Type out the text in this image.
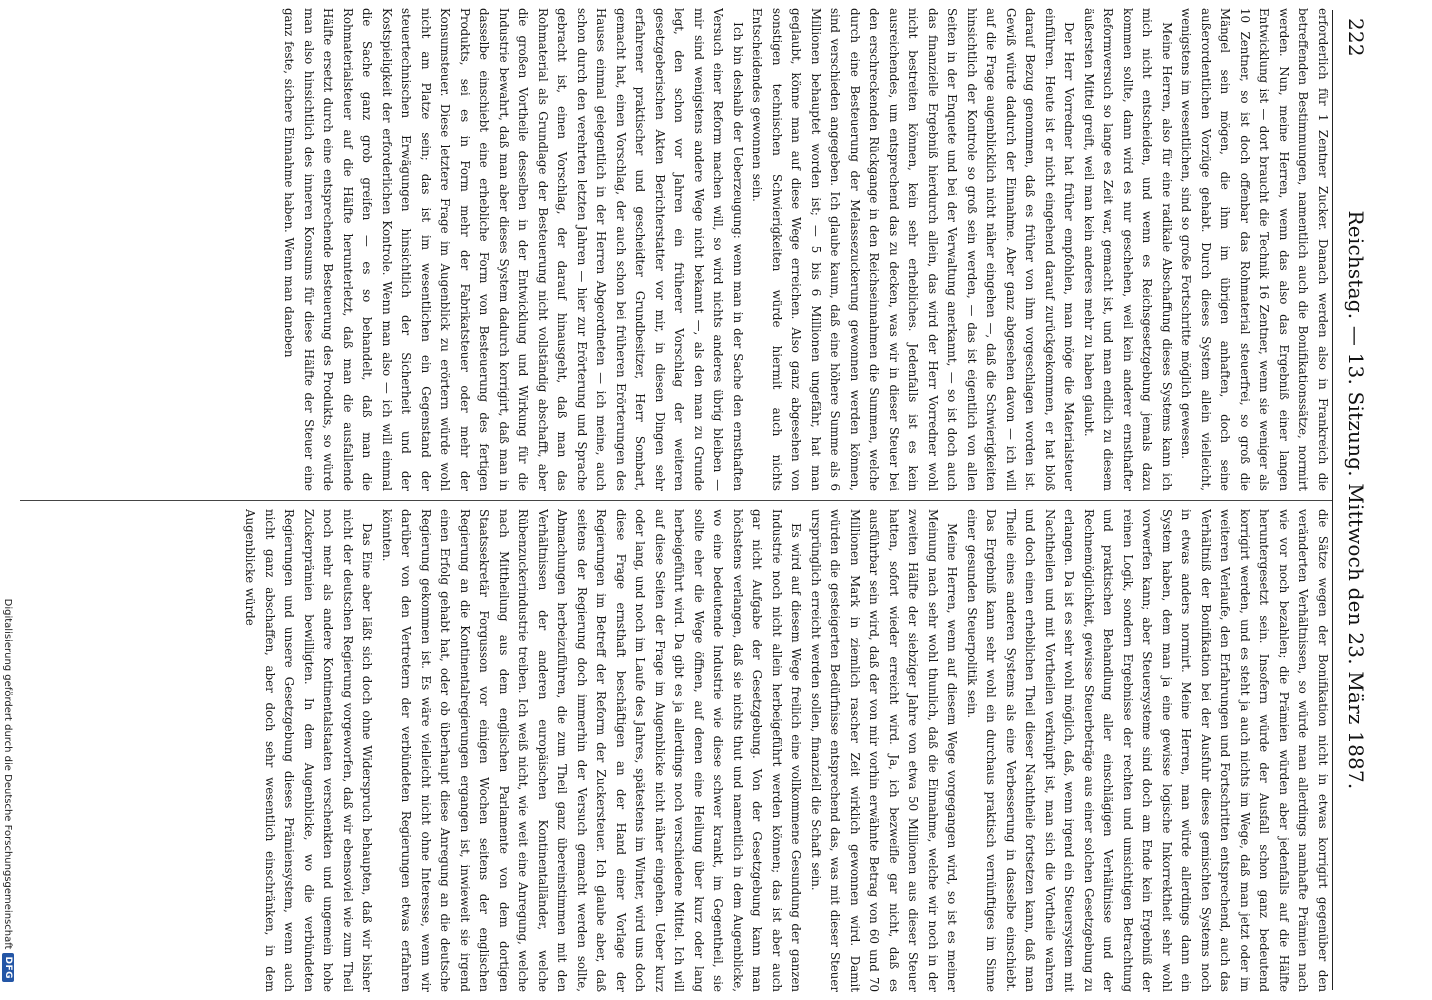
222
Reichstag. — 13. Sitzung. Mittwoch den 23. März 1887.

erforderlich für 1 Zentner Zucker. Danach werden also in Frankreich die betreffenden Bestimmungen, namentlich auch die Bonifikationssätze, normirt werden. Nun, meine Herren, wenn das also das Ergebniß einer langen Entwicklung ist — dort braucht die Technik 16 Zentner, wenn sie weniger als 10 Zentner, so ist doch offenbar das Rohmaterial steuerfrei, so groß die Mängel sein mögen, die ihm im übrigen anhaften, doch seine außerordentlichen Vorzüge gehabt. Durch dieses System allein vielleicht, wenigstens im wesentlichen, sind so große Fortschritte möglich gewesen.

Meine Herren, also für eine radikale Abschaffung dieses Systems kann ich mich nicht entscheiden, und wenn es Reichsgesetzgebung jemals dazu kommen sollte, dann wird es nur geschehen, weil kein anderer ernsthafter Reformversuch so lange es Zeit war, gemacht ist, und man endlich zu diesem äußersten Mittel greift, weil man kein anderes mehr zu haben glaubt.

Der Herr Vorredner hat früher empfohlen, man möge die Materialsteuer einführen. Heute ist er nicht eingehend darauf zurückgekommen, er hat bloß darauf Bezug genommen, daß es früher von ihm vorgeschlagen worden ist. Gewiß würde dadurch der Einnahme. Aber ganz abgesehen davon — ich will auf die Frage augenblicklich nicht näher eingehen —, daß die Schwierigkeiten hinsichtlich der Kontrole so groß sein werden, — das ist eigentlich von allen Seiten in der Enquete und bei der Verwaltung anerkannt, — so ist doch auch das finanzielle Ergebniß hierdurch allein, das wird der Herr Vorredner wohl nicht bestreiten können, kein sehr erhebliches. Jedenfalls ist es kein ausreichendes, um entsprechend das zu decken, was wir in dieser Steuer bei den erschreckenden Rückgange in den Reichseinnahmen die Summen, welche durch eine Besteuerung der Melassezuckerung gewonnen werden können, sind verschieden angegeben. Ich glaube kaum, daß eine höhere Summe als 6 Millionen behauptet worden ist; — 5 bis 6 Millionen ungefähr, hat man geglaubt, könne man auf diese Wege erreichen. Also ganz abgesehen von sonstigen technischen Schwierigkeiten würde hiermit auch nichts Entscheidendes gewonnen sein.

Ich bin deshalb der Ueberzeugung: wenn man in der Sache den ernsthaften Versuch einer Reform machen will, so wird nichts anderes übrig bleiben — mir sind wenigstens andere Wege nicht bekannt —, als den man zu Grunde legt, den schon vor Jahren ein früherer Vorschlag der weiteren gesetzgeberischen Akten Berichterstatter vor mir, in diesen Dingen sehr erfahrener praktischer und gescheidter Grundbesitzer, Herr Sombart, gemacht hat, einen Vorschlag, der auch schon bei früheren Erörterungen des Hauses einmal gelegentlich in der Herren Abgeordneten — ich meine, auch schon durch den verehrten letzten Jahren — hier zur Erörterung und Sprache gebracht ist, einen Vorschlag, der darauf hinausgeht, daß man das Rohmaterial als Grundlage der Besteuerung nicht vollständig abschafft, aber die großen Vortheile desselben in der Entwicklung und Wirkung für die Industrie bewahrt, daß man aber dieses System dadurch korrigirt, daß man in dasselbe einschiebt eine erhebliche Form von Besteuerung des fertigen Produkts, sei es in Form mehr der Fabrikatsteuer oder mehr der Konsumsteuer. Diese letztere Frage im Augenblick zu erörtern würde wohl nicht am Platze sein; das ist im wesentlichen ein Gegenstand der steuertechnischen Erwägungen hinsichtlich der Sicherheit und der Kostspieligkeit der erforderlichen Kontrole. Wenn man also — ich will einmal die Sache ganz grob greifen — es so behandelt, daß man die Rohmaterialsteuer auf die Hälfte herunterletzt, daß man die ausfallende Hälfte ersetzt durch eine entsprechende Besteuerung des Produkts, so würde man also hinsichtlich des inneren Konsums für diese Hälfte der Steuer eine ganz feste, sichere Einnahme haben. Wenn man daneben

die Sätze wegen der Bonifikation nicht in etwas korrigirt gegenüber den veränderten Verhältnissen, so würde man allerdings namhafte Prämien nach wie vor noch bezahlen; die Prämien würden aber jedenfalls auf die Hälfte heruntergesetzt sein. Insofern würde der Ausfall schon ganz bedeutend korrigirt werden, und es steht ja auch nichts im Wege, daß man jetzt oder im weiteren Verlaufe, den Erfahrungen und Fortschritten entsprechend, auch das Verhältniß der Bonifikation bei der Ausfuhr dieses gemischten Systems noch in etwas anders normirt. Meine Herren, man würde allerdings dann ein System haben, dem man ja eine gewisse logische Inkorrektheit sehr wohl vorwerfen kann; aber Steuersysteme sind doch am Ende kein Ergebniß der reinen Logik, sondern Ergebnisse der rechten und umsichtigen Betrachtung und praktischen Behandlung aller einschlägigen Verhältnisse und der Rechnemöglichkeit, gewisse Steuerbeträge aus einer solchen Gesetzgebung zu erlangen. Da ist es sehr wohl möglich, daß, wenn irgend ein Steuersystem mit Nachtheilen und mit Vortheilen verknüpft ist, man sich die Vortheile wahren und doch einen erheblichen Theil dieser Nachtheile fortsetzen kann, daß man Theile eines anderen Systems als eine Verbesserung in dasselbe einschiebt. Das Ergebniß kann sehr wohl ein durchaus praktisch vernünftiges im Sinne einer gesunden Steuerpolitik sein.

Meine Herren, wenn auf diesem Wege vorgegangen wird, so ist es meiner Meinung nach sehr wohl thunlich, daß die Einnahme, welche wir noch in der zweiten Hälfte der siebziger Jahre von etwa 50 Millionen aus dieser Steuer hatten, sofort wieder erreicht wird. Ja, ich bezweifle gar nicht, daß es ausführbar sein wird, daß der von mir vorhin erwähnte Betrag von 60 und 70 Millionen Mark in ziemlich rascher Zeit wirklich gewonnen wird. Damit würden die gesteigerten Bedürfnisse entsprechend das, was mit dieser Steuer ursprünglich erreicht werden sollen, finanziell die Schaft sein.

Es wird auf diesem Wege freilich eine vollkommene Gesundung der ganzen Industrie noch nicht allein herbeigeführt werden können; das ist aber auch gar nicht Aufgabe der Gesetzgebung. Von der Gesetzgebung kann man höchstens verlangen, daß sie nichts thut und namentlich in dem Augenblicke, wo eine bedeutende Industrie wie diese schwer krankt, im Gegentheil, sie sollte eher die Wege öffnen, auf denen eine Heilung über kurz oder lang herbeigeführt wird. Da gibt es ja allerdings noch verschiedene Mittel. Ich will auf diese Seiten der Frage im Augenblicke nicht näher eingehen. Ueber kurz oder lang, und noch im Laufe des Jahres, spätestens im Winter, wird uns doch diese Frage ernsthaft beschäftigen an der Hand einer Vorlage der Regierungen im Betreff der Reform der Zuckersteuer. Ich glaube aber, daß seitens der Regierung doch immerhin der Versuch gemacht werden sollte, Abmachungen herbeizuführen, die zum Theil ganz übereinstimmen mit den Verhältnissen der anderen europäischen Kontinentalländer, welche Rübenzuckerindustrie treiben. Ich weiß nicht, wie weit eine Anregung, welche nach Mittheilung aus dem englischen Parlamente von dem dortigen Staatssekretär Forgusson vor einigen Wochen seitens der englischen Regierung an die Kontinentalregierungen ergangen ist, inwieweit sie irgend einen Erfolg gehabt hat, oder ob überhaupt diese Anregung an die deutsche Regierung gekommen ist. Es wäre vielleicht nicht ohne Interesse, wenn wir darüber von den Vertretern der verbündeten Regierungen etwas erfahren könnten.

Das Eine aber läßt sich doch ohne Widerspruch behaupten, daß wir bisher nicht der deutschen Regierung vorgeworfen, daß wir ebensoviel wie zum Theil noch mehr als andere Kontinentalstaaten verschenkten und ungemein hohe Zuckerprämien bewilligten. In dem Augenblicke, wo die verbündeten Regierungen und unsere Gesetzgebung dieses Prämiensystem, wenn auch nicht ganz abschaffen, aber doch sehr wesentlich einschränken, in dem Augenblicke würde

Digitalisierung gefördert durch die Deutsche Forschungsgemeinschaft
DFG
